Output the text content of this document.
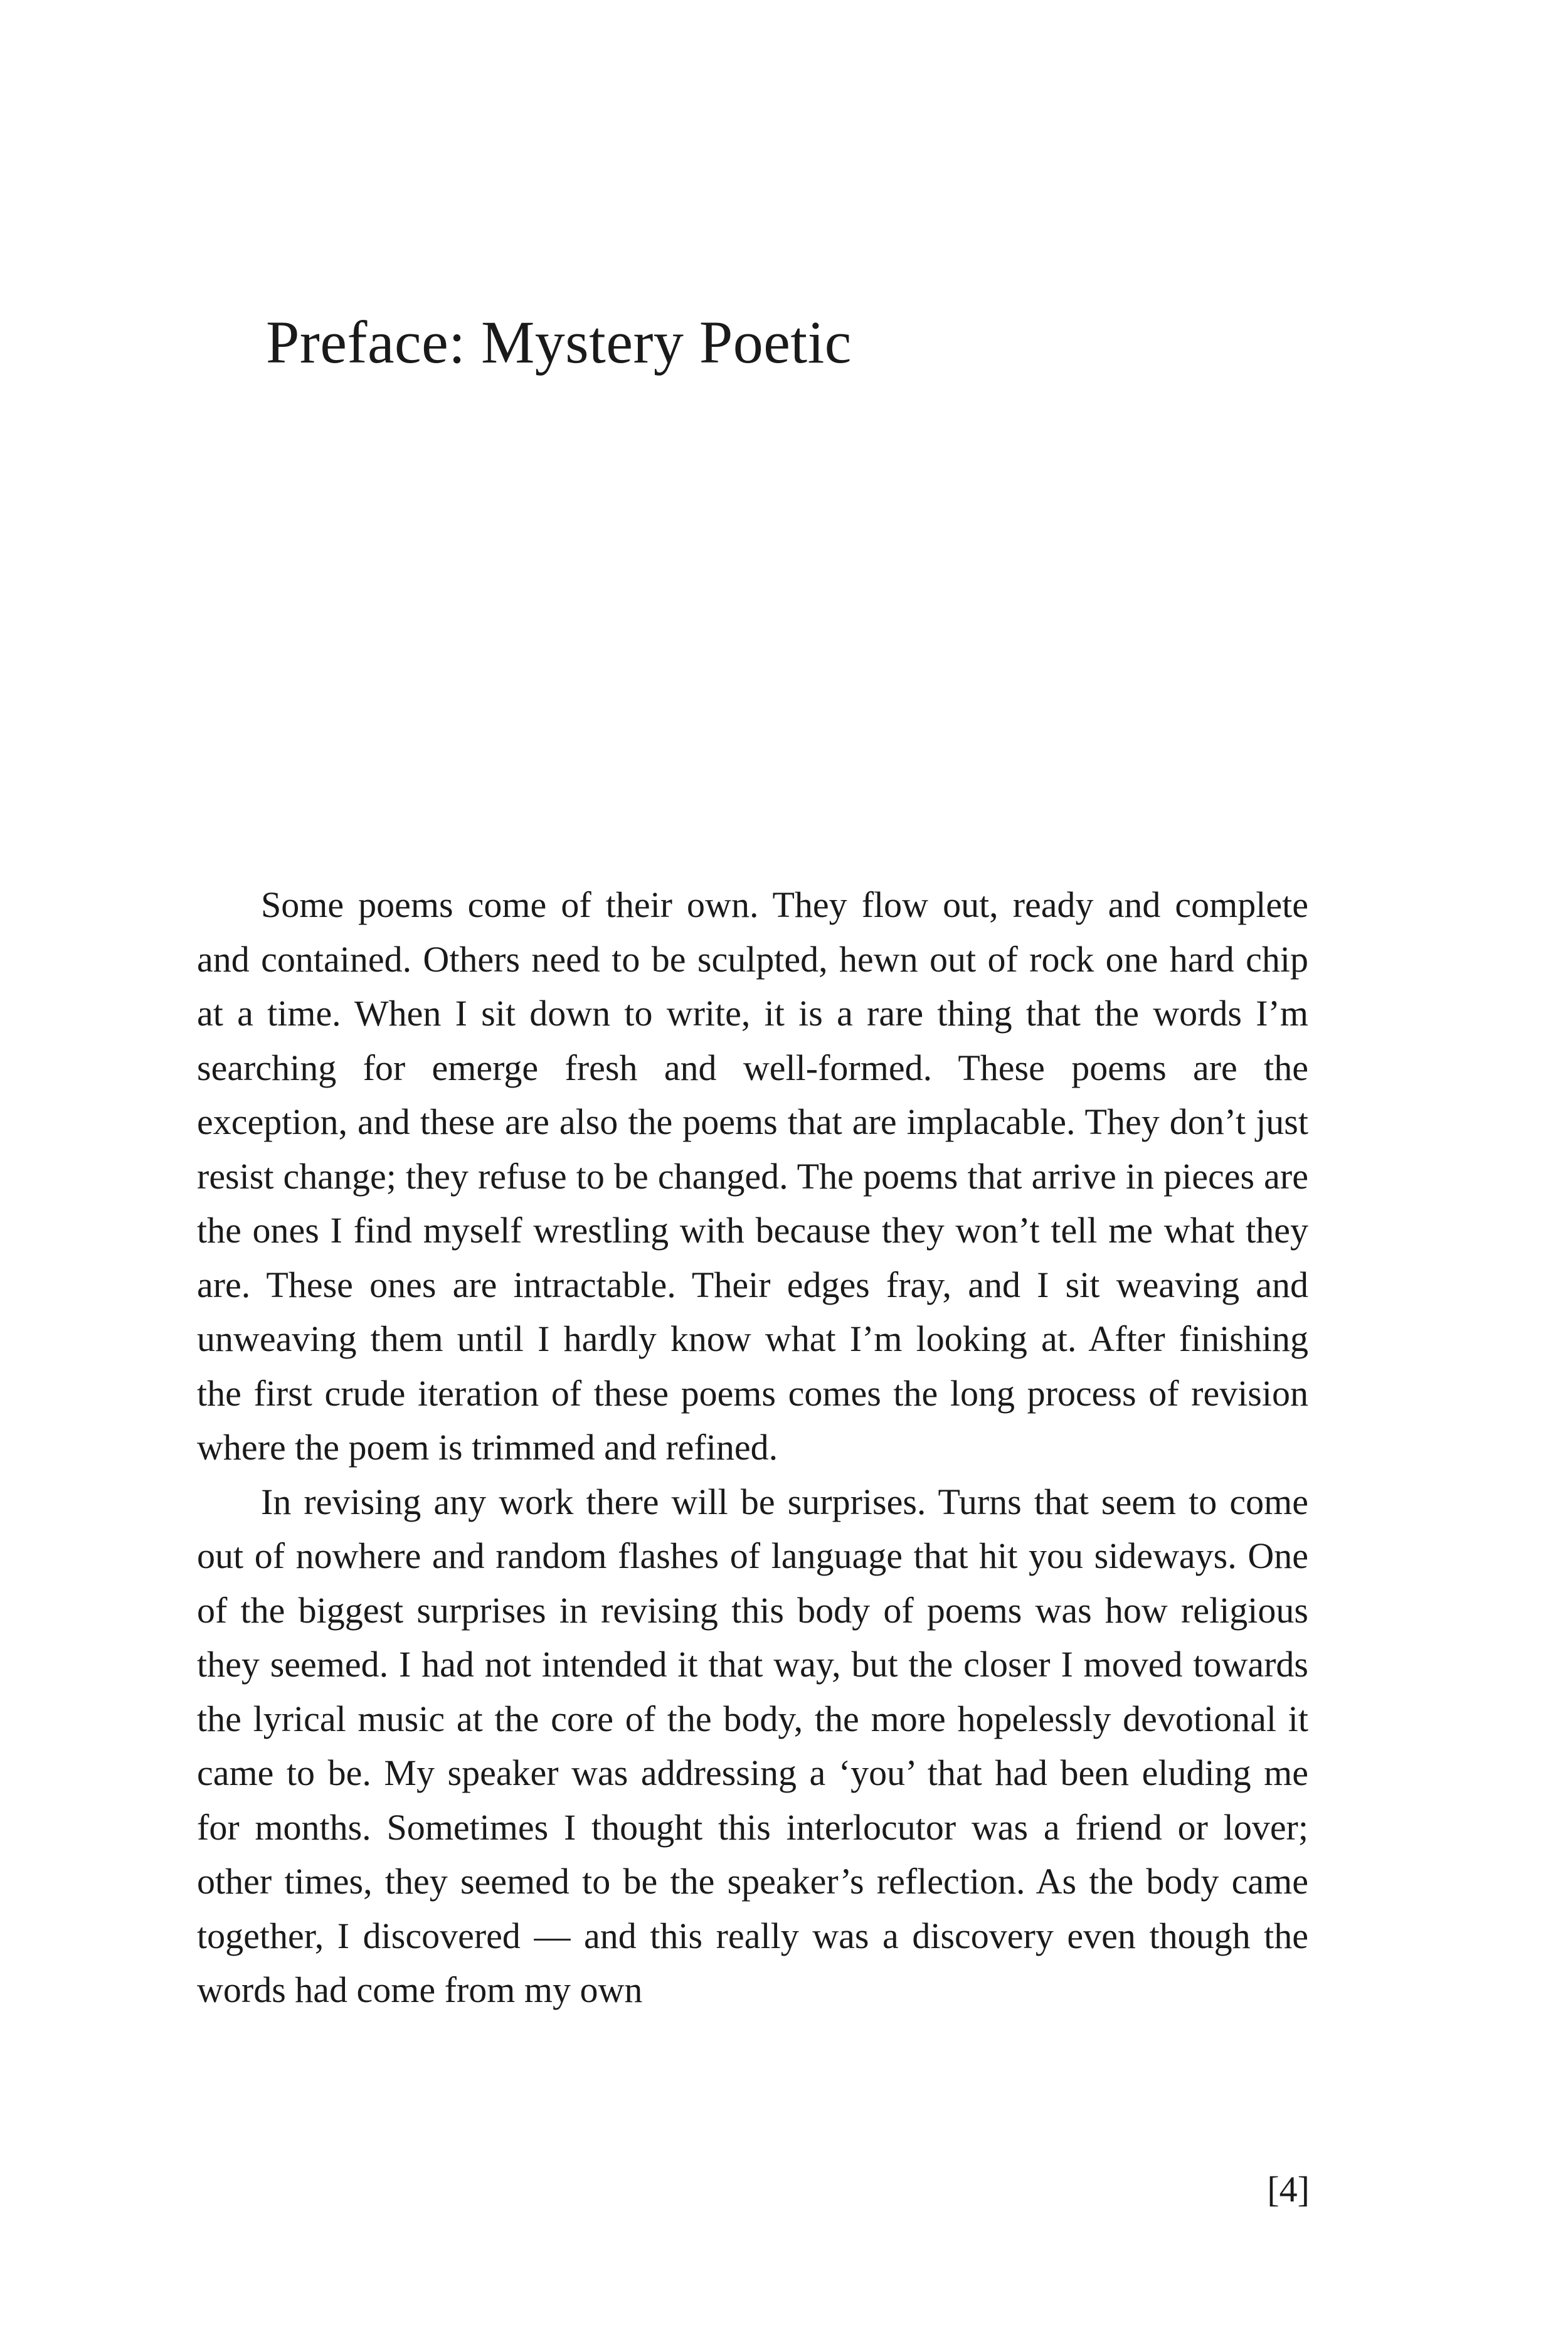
Preface: Mystery Poetic

Some poems come of their own. They flow out, ready and complete and contained. Others need to be sculpted, hewn out of rock one hard chip at a time. When I sit down to write, it is a rare thing that the words I’m searching for emerge fresh and well-formed. These poems are the exception, and these are also the poems that are implacable. They don’t just resist change; they refuse to be changed. The poems that arrive in pieces are the ones I find myself wrestling with because they won’t tell me what they are. These ones are intractable. Their edges fray, and I sit weaving and unweaving them until I hardly know what I’m looking at. After finishing the first crude iteration of these poems comes the long process of revision where the poem is trimmed and refined.

In revising any work there will be surprises. Turns that seem to come out of nowhere and random flashes of language that hit you sideways. One of the biggest surprises in revising this body of poems was how religious they seemed. I had not intended it that way, but the closer I moved towards the lyrical music at the core of the body, the more hopelessly devotional it came to be. My speaker was addressing a ‘you’ that had been eluding me for months. Sometimes I thought this interlocutor was a friend or lover; other times, they seemed to be the speaker’s reflection. As the body came together, I discovered — and this really was a discovery even though the words had come from my own

[4]
